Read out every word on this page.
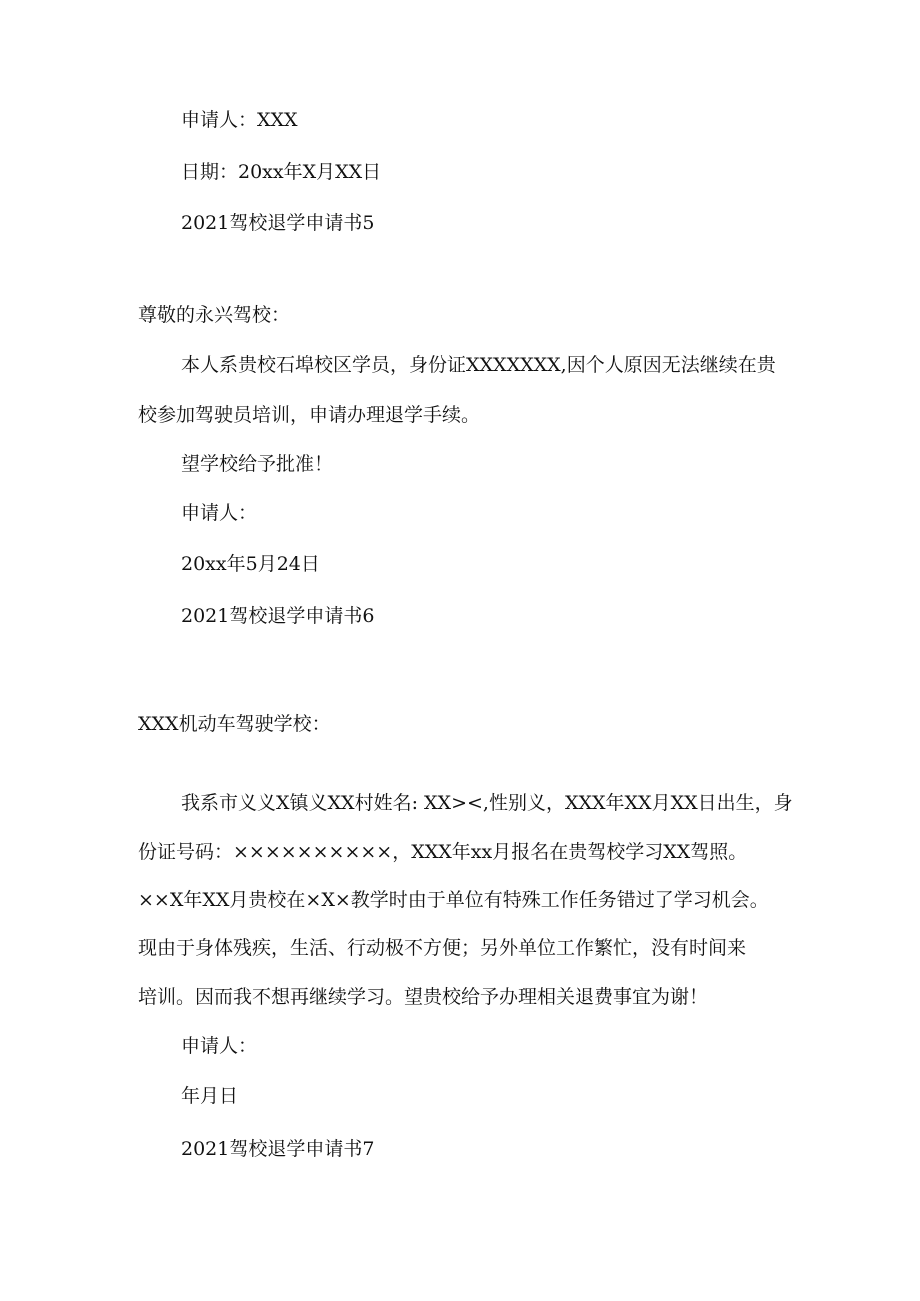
申请人：XXX
日期：20xx年X月XX日
2021驾校退学申请书5
尊敬的永兴驾校：
本人系贵校石埠校区学员，身份证XXXXXXX,因个人原因无法继续在贵
校参加驾驶员培训，申请办理退学手续。
望学校给予批准！
申请人：
20xx年5月24日
2021驾校退学申请书6
XXX机动车驾驶学校：
我系市义义X镇义XX村姓名: XX><,性别义，XXX年XX月XX日出生，身
份证号码：××××××××××，XXX年xx月报名在贵驾校学习XX驾照。
××X年XX月贵校在×X×教学时由于单位有特殊工作任务错过了学习机会。
现由于身体残疾，生活、行动极不方便；另外单位工作繁忙，没有时间来
培训。因而我不想再继续学习。望贵校给予办理相关退费事宜为谢！
申请人：
年月日
2021驾校退学申请书7
